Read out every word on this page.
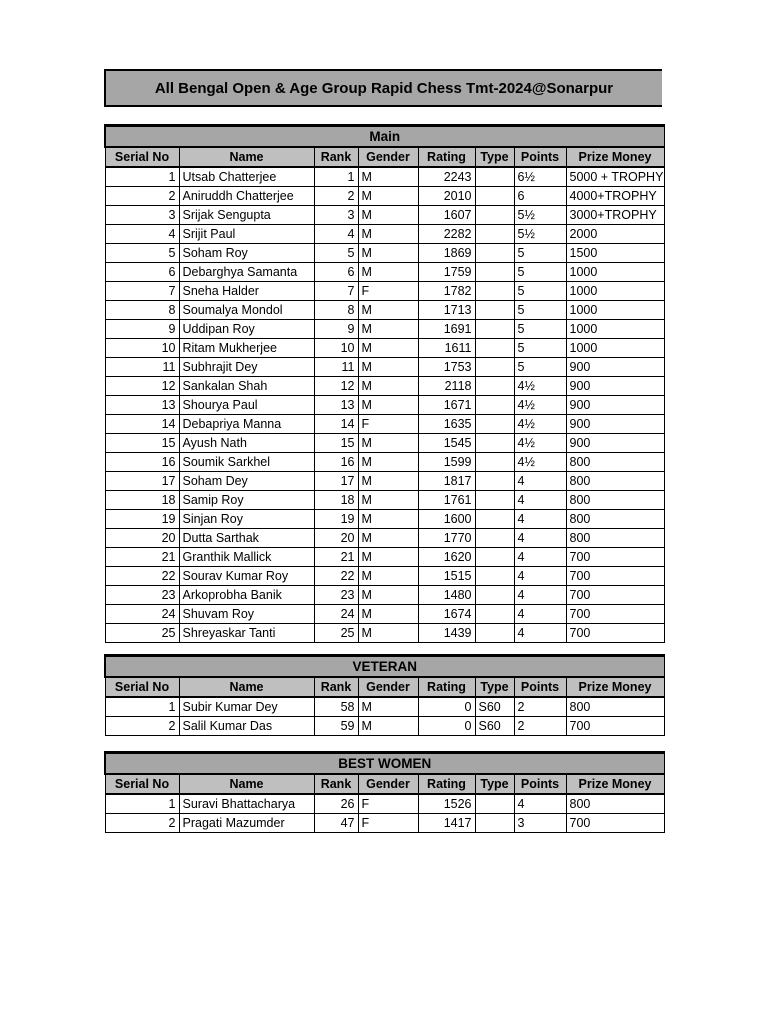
All Bengal Open & Age Group Rapid Chess Tmt-2024@Sonarpur
Main							
Serial No	Name	Rank	Gender	Rating	Type	Points	Prize Money
1	Utsab Chatterjee	1	M	2243		6½	5000 + TROPHY
2	Aniruddh Chatterjee	2	M	2010		6	4000+TROPHY
3	Srijak Sengupta	3	M	1607		5½	3000+TROPHY
4	Srijit Paul	4	M	2282		5½	2000
5	Soham Roy	5	M	1869		5	1500
6	Debarghya Samanta	6	M	1759		5	1000
7	Sneha Halder	7	F	1782		5	1000
8	Soumalya Mondol	8	M	1713		5	1000
9	Uddipan Roy	9	M	1691		5	1000
10	Ritam Mukherjee	10	M	1611		5	1000
11	Subhrajit Dey	11	M	1753		5	900
12	Sankalan Shah	12	M	2118		4½	900
13	Shourya Paul	13	M	1671		4½	900
14	Debapriya Manna	14	F	1635		4½	900
15	Ayush Nath	15	M	1545		4½	900
16	Soumik Sarkhel	16	M	1599		4½	800
17	Soham Dey	17	M	1817		4	800
18	Samip Roy	18	M	1761		4	800
19	Sinjan Roy	19	M	1600		4	800
20	Dutta Sarthak	20	M	1770		4	800
21	Granthik Mallick	21	M	1620		4	700
22	Sourav Kumar Roy	22	M	1515		4	700
23	Arkoprobha Banik	23	M	1480		4	700
24	Shuvam Roy	24	M	1674		4	700
25	Shreyaskar Tanti	25	M	1439		4	700
VETERAN							
Serial No	Name	Rank	Gender	Rating	Type	Points	Prize Money
1	Subir Kumar Dey	58	M	0	S60	2	800
2	Salil Kumar Das	59	M	0	S60	2	700
BEST WOMEN							
Serial No	Name	Rank	Gender	Rating	Type	Points	Prize Money
1	Suravi Bhattacharya	26	F	1526		4	800
2	Pragati Mazumder	47	F	1417		3	700
